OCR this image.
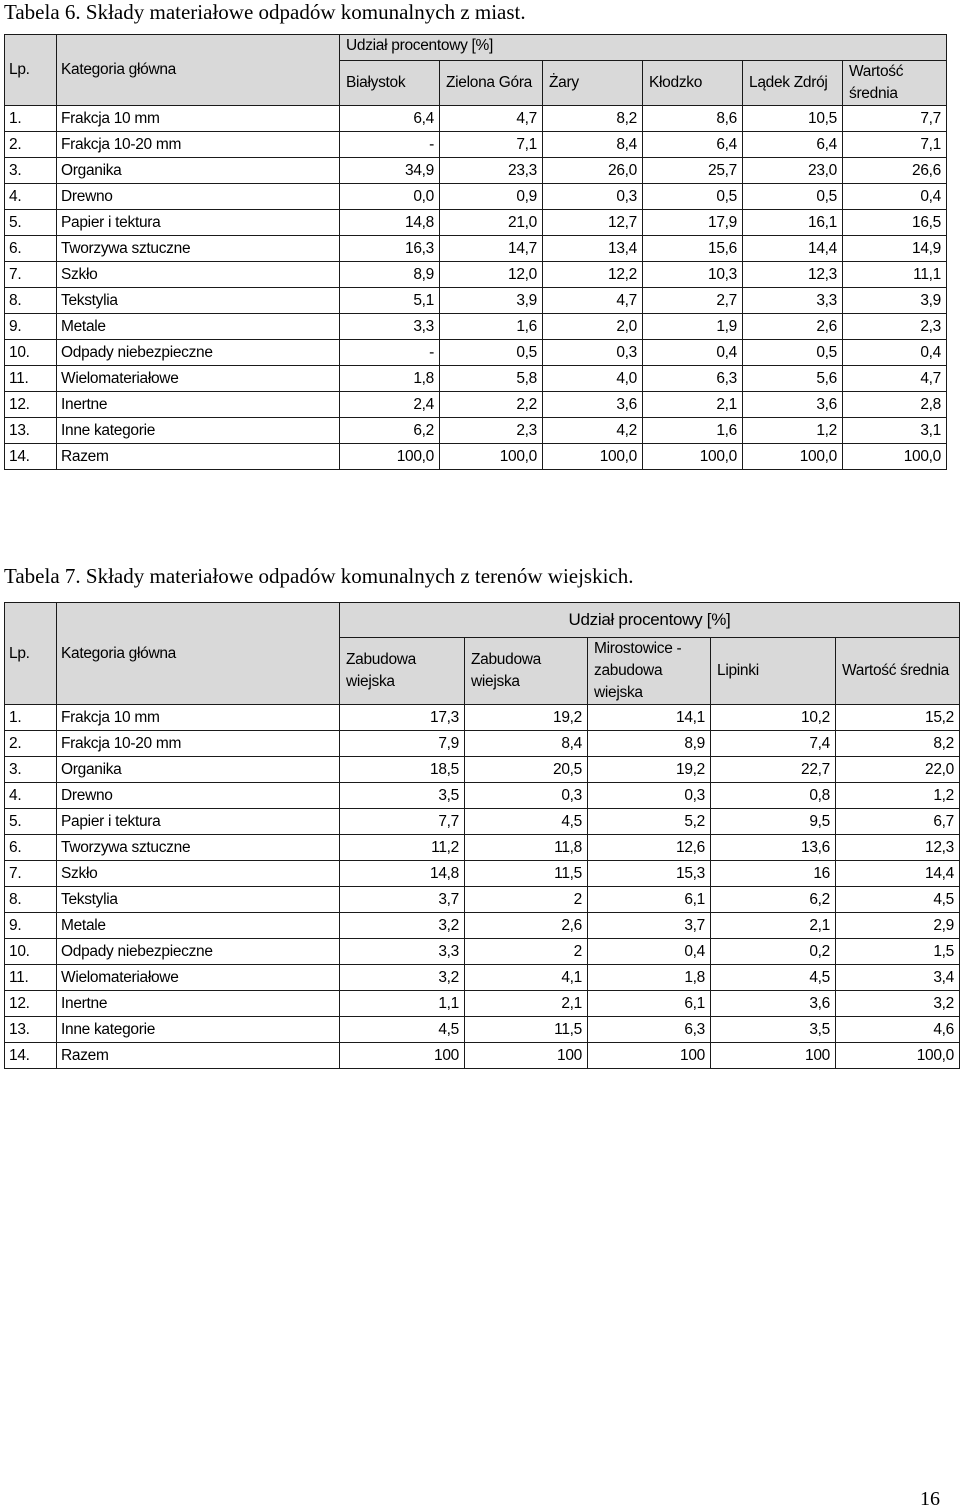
Tabela 6. Składy materiałowe odpadów komunalnych z miast.
Lp.	Kategoria główna	Udział procentowy [%]					
		Białystok	Zielona Góra	Żary	Kłodzko	Lądek Zdrój	Wartość średnia
1.	Frakcja 10 mm	6,4	4,7	8,2	8,6	10,5	7,7
2.	Frakcja 10-20 mm	-	7,1	8,4	6,4	6,4	7,1
3.	Organika	34,9	23,3	26,0	25,7	23,0	26,6
4.	Drewno	0,0	0,9	0,3	0,5	0,5	0,4
5.	Papier i tektura	14,8	21,0	12,7	17,9	16,1	16,5
6.	Tworzywa sztuczne	16,3	14,7	13,4	15,6	14,4	14,9
7.	Szkło	8,9	12,0	12,2	10,3	12,3	11,1
8.	Tekstylia	5,1	3,9	4,7	2,7	3,3	3,9
9.	Metale	3,3	1,6	2,0	1,9	2,6	2,3
10.	Odpady niebezpieczne	-	0,5	0,3	0,4	0,5	0,4
11.	Wielomateriałowe	1,8	5,8	4,0	6,3	5,6	4,7
12.	Inertne	2,4	2,2	3,6	2,1	3,6	2,8
13.	Inne kategorie	6,2	2,3	4,2	1,6	1,2	3,1
14.	Razem	100,0	100,0	100,0	100,0	100,0	100,0
Tabela 7. Składy materiałowe odpadów komunalnych z terenów wiejskich.
Lp.	Kategoria główna	Udział procentowy [%]				
		Zabudowa wiejska	Zabudowa wiejska	Mirostowice - zabudowa wiejska	Lipinki	Wartość średnia
1.	Frakcja 10 mm	17,3	19,2	14,1	10,2	15,2
2.	Frakcja 10-20 mm	7,9	8,4	8,9	7,4	8,2
3.	Organika	18,5	20,5	19,2	22,7	22,0
4.	Drewno	3,5	0,3	0,3	0,8	1,2
5.	Papier i tektura	7,7	4,5	5,2	9,5	6,7
6.	Tworzywa sztuczne	11,2	11,8	12,6	13,6	12,3
7.	Szkło	14,8	11,5	15,3	16	14,4
8.	Tekstylia	3,7	2	6,1	6,2	4,5
9.	Metale	3,2	2,6	3,7	2,1	2,9
10.	Odpady niebezpieczne	3,3	2	0,4	0,2	1,5
11.	Wielomateriałowe	3,2	4,1	1,8	4,5	3,4
12.	Inertne	1,1	2,1	6,1	3,6	3,2
13.	Inne kategorie	4,5	11,5	6,3	3,5	4,6
14.	Razem	100	100	100	100	100,0
16
